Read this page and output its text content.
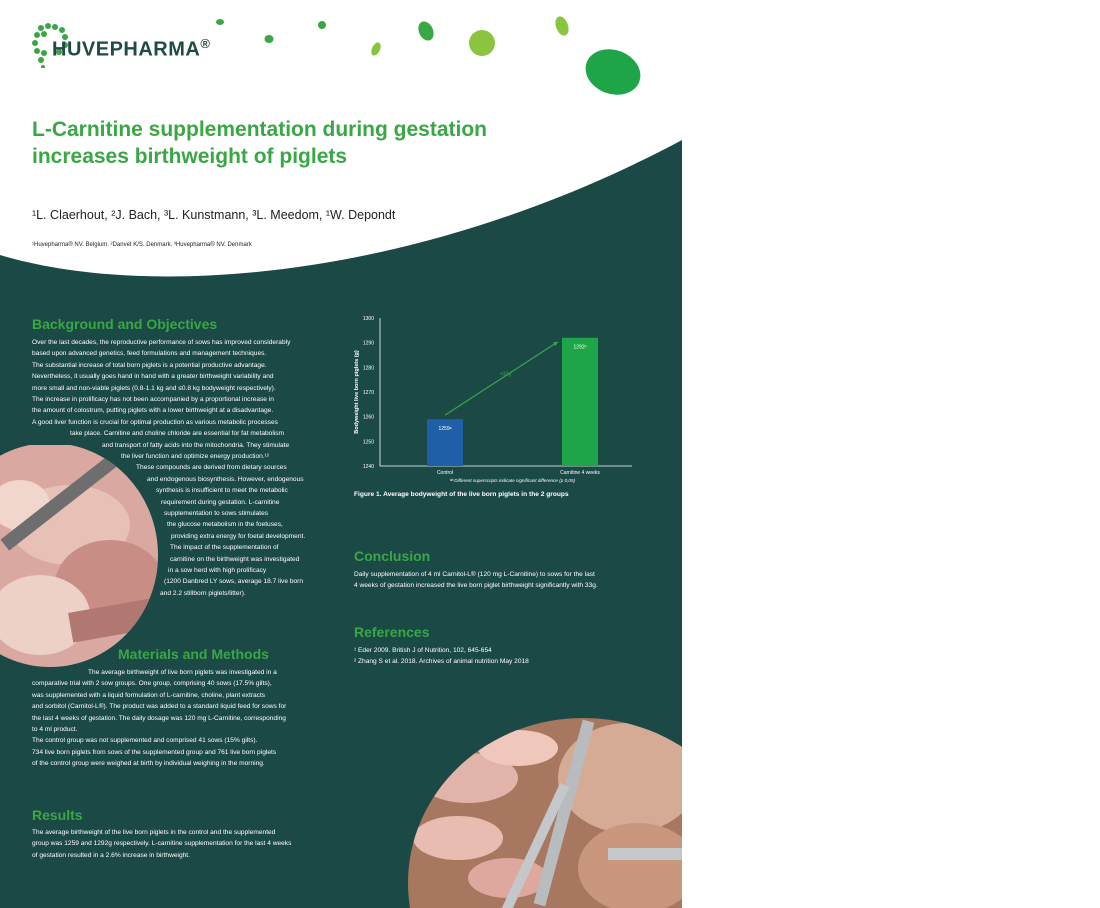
HUVEPHARMA®
L-Carnitine supplementation during gestation
increases birthweight of piglets
¹L. Claerhout, ²J. Bach, ³L. Kunstmann, ³L. Meedom, ¹W. Depondt
¹Huvepharma® NV. Belgium. ²Danvet K/S. Denmark. ³Huvepharma® NV. Denmark
Background and Objectives
Over the last decades, the reproductive performance of sows has improved considerably
based upon advanced genetics, feed formulations and management techniques.
The substantial increase of total born piglets is a potential productive advantage.
Nevertheless, it usually goes hand in hand with a greater birthweight variability and
more small and non-viable piglets (0.8-1.1 kg and ≤0.8 kg bodyweight respectively).
The increase in prolificacy has not been accompanied by a proportional increase in
the amount of colostrum, putting piglets with a lower birthweight at a disadvantage.
A good liver function is crucial for optimal production as various metabolic processes
take place. Carnitine and choline chloride are essential for fat metabolism
and transport of fatty acids into the mitochondria. They stimulate
the liver function and optimize energy production.¹²
These compounds are derived from dietary sources
and endogenous biosynthesis. However, endogenous
synthesis is insufficient to meet the metabolic
requirement during gestation. L-carnitine
supplementation to sows stimulates
the glucose metabolism in the foetuses,
providing extra energy for foetal development.
The impact of the supplementation of
carnitine on the birthweight was investigated
in a sow herd with high prolificacy
(1200 Danbred LY sows, average 18.7 live born
and 2.2 stillborn piglets/litter).
Materials and Methods
The average birthweight of live born piglets was investigated in a
comparative trial with 2 sow groups. One group, comprising 40 sows (17.5% gilts),
was supplemented with a liquid formulation of L-carnitine, choline, plant extracts
and sorbitol (Carnitol-L®). The product was added to a standard liquid feed for sows for
the last 4 weeks of gestation. The daily dosage was 120 mg L-Carnitine, corresponding
to 4 ml product.
The control group was not supplemented and comprised 41 sows (15% gilts).
734 live born piglets from sows of the supplemented group and 761 live born piglets
of the control group were weighed at birth by individual weighing in the morning.
Results
The average birthweight of the live born piglets in the control and the supplemented
group was 1259 and 1292g respectively. L-carnitine supplementation for the last 4 weeks
of gestation resulted in a 2.6% increase in birthweight.
1240
1250
1260
1270
1280
1290
1300
Bodyweight live born piglets (g)	1259ᵃ
Control
1292ᵇ
Carnitine 4 weeks
+33g
ᵃᵇ Different superscripts indicate significant difference (p 0,05)
Figure 1. Average bodyweight of the live born piglets in the 2 groups
Conclusion
Daily supplementation of 4 ml Carnitol-L® (120 mg L-Carnitine) to sows for the last
4 weeks of gestation increased the live born piglet birthweight significantly with 33g.
References
¹ Eder 2009. British J of Nutrition, 102, 645-654
² Zhang S et al. 2018. Archives of animal nutrition May 2018
